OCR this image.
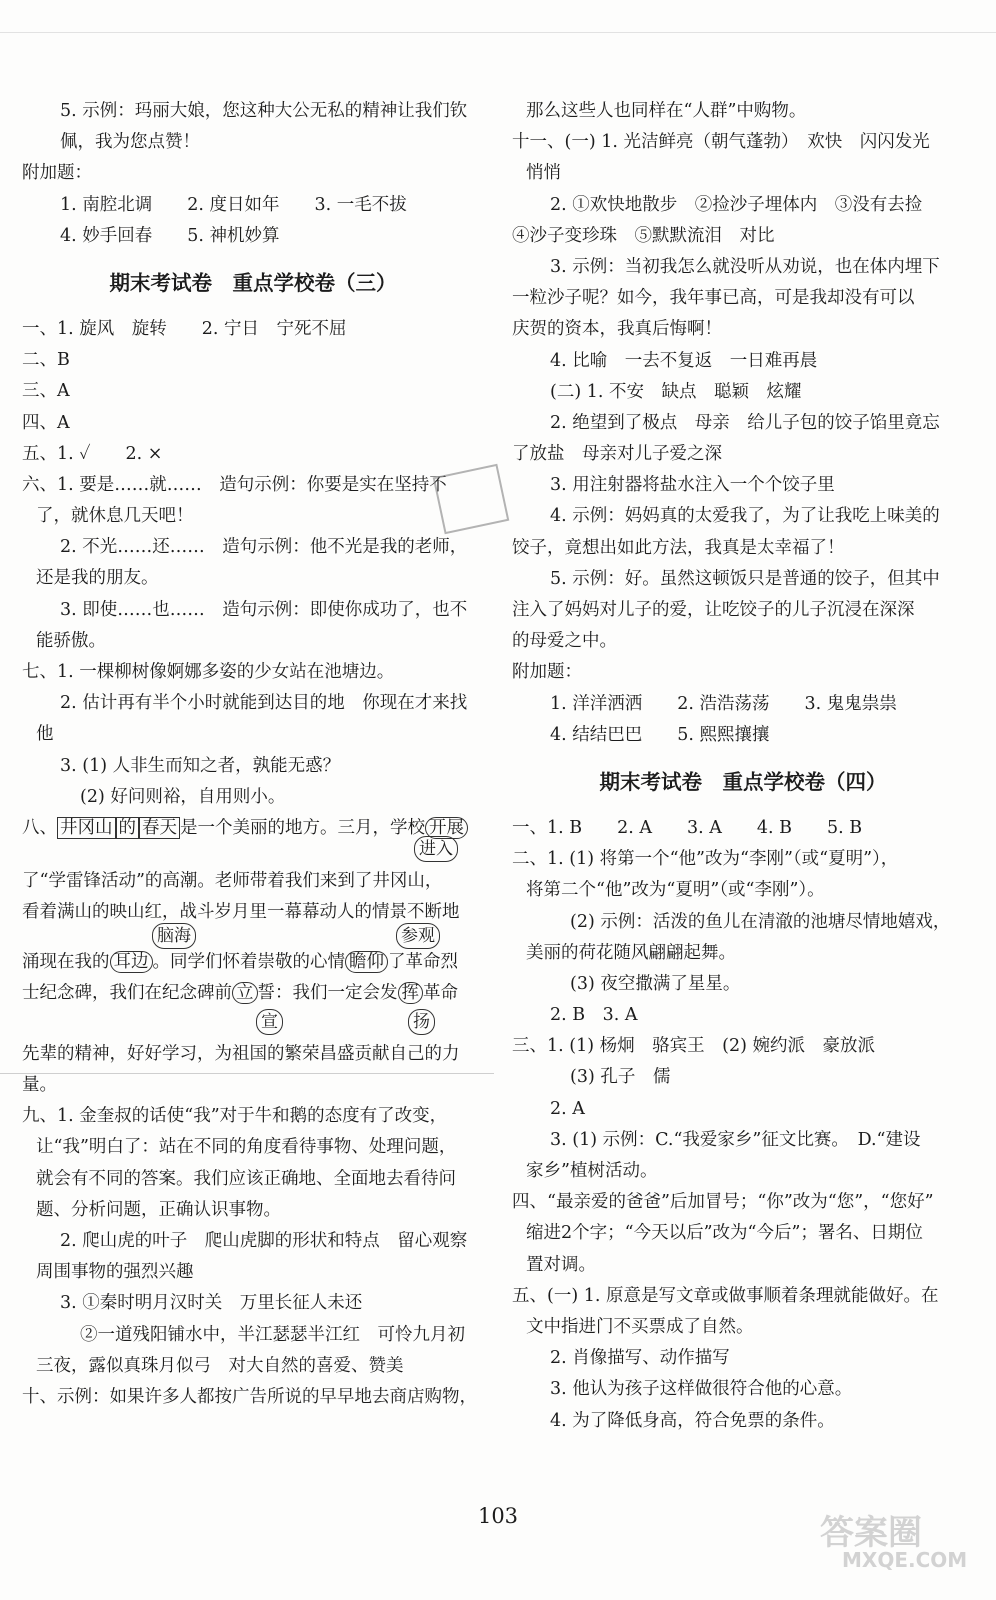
5. 示例：玛丽大娘，您这种大公无私的精神让我们钦
佩，我为您点赞！
附加题：
1. 南腔北调　　2. 度日如年　　3. 一毛不拔
4. 妙手回春　　5. 神机妙算
期末考试卷　重点学校卷（三）
一、1. 旋风　旋转　　2. 宁日　宁死不屈
二、B
三、A
四、A
五、1. ✓　　2. ×
六、1. 要是……就……　造句示例：你要是实在坚持不
了，就休息几天吧！
2. 不光……还……　造句示例：他不光是我的老师，
还是我的朋友。
3. 即使……也……　造句示例：即使你成功了，也不
能骄傲。
七、1. 一棵柳树像婀娜多姿的少女站在池塘边。
2. 估计再有半个小时就能到达目的地　你现在才来找
他
3. (1) 人非生而知之者，孰能无惑？
(2) 好问则裕，自用则小。
八、 井冈山 的 春天 是一个美丽的地方。三月，学校 开展
进入
了“学雷锋活动”的高潮。老师带着我们来到了井冈山，
看着满山的映山红，战斗岁月里一幕幕动人的情景不断地
脑海	参观
涌现在我的 耳边 。同学们怀着崇敬的心情 瞻仰 了革命烈
士纪念碑，我们在纪念碑前 立 誓：我们一定会发 挥 革命
宣	扬
先辈的精神，好好学习，为祖国的繁荣昌盛贡献自己的力
量。
九、1. 金奎叔的话使“我”对于牛和鹅的态度有了改变，
让“我”明白了：站在不同的角度看待事物、处理问题，
就会有不同的答案。我们应该正确地、全面地去看待问
题、分析问题，正确认识事物。
2. 爬山虎的叶子　爬山虎脚的形状和特点　留心观察
周围事物的强烈兴趣
3. ①秦时明月汉时关　万里长征人未还
②一道残阳铺水中，半江瑟瑟半江红　可怜九月初
三夜，露似真珠月似弓　对大自然的喜爱、赞美
十、示例：如果许多人都按广告所说的早早地去商店购物，
那么这些人也同样在“人群”中购物。
十一、(一) 1. 光洁鲜亮（朝气蓬勃）　欢快　闪闪发光
悄悄
2. ①欢快地散步　②捡沙子埋体内　③没有去捡
④沙子变珍珠　⑤默默流泪　对比
3. 示例：当初我怎么就没听从劝说，也在体内埋下
一粒沙子呢？如今，我年事已高，可是我却没有可以
庆贺的资本，我真后悔啊！
4. 比喻　一去不复返　一日难再晨
(二) 1. 不安　缺点　聪颖　炫耀
2. 绝望到了极点　母亲　给儿子包的饺子馅里竟忘
了放盐　母亲对儿子爱之深
3. 用注射器将盐水注入一个个饺子里
4. 示例：妈妈真的太爱我了，为了让我吃上味美的
饺子，竟想出如此方法，我真是太幸福了！
5. 示例：好。虽然这顿饭只是普通的饺子，但其中
注入了妈妈对儿子的爱，让吃饺子的儿子沉浸在深深
的母爱之中。
附加题：
1. 洋洋洒洒　　2. 浩浩荡荡　　3. 鬼鬼祟祟
4. 结结巴巴　　5. 熙熙攘攘
期末考试卷　重点学校卷（四）
一、1. B　　2. A　　3. A　　4. B　　5. B
二、1. (1) 将第一个“他”改为“李刚”（或“夏明”），
将第二个“他”改为“夏明”（或“李刚”）。
(2) 示例：活泼的鱼儿在清澈的池塘尽情地嬉戏，
美丽的荷花随风翩翩起舞。
(3) 夜空撒满了星星。
2. B　3. A
三、1. (1) 杨炯　骆宾王　(2) 婉约派　豪放派
(3) 孔子　儒
2. A
3. (1) 示例：C.“我爱家乡”征文比赛。　D.“建设
家乡”植树活动。
四、“最亲爱的爸爸”后加冒号；“你”改为“您”，“您好”
缩进2个字；“今天以后”改为“今后”；署名、日期位
置对调。
五、(一) 1. 原意是写文章或做事顺着条理就能做好。在
文中指进门不买票成了自然。
2. 肖像描写、动作描写
3. 他认为孩子这样做很符合他的心意。
4. 为了降低身高，符合免票的条件。
103	答案圈
MXQE.COM
